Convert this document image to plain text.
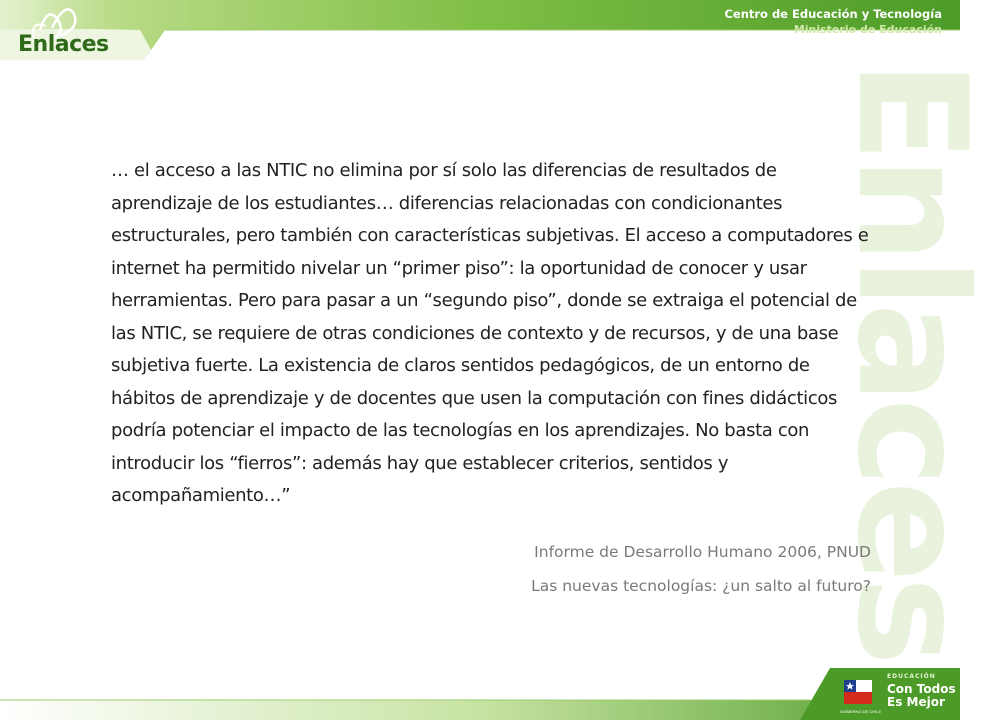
Enlaces
Centro de Educación y Tecnología
Ministerio de Educación
Enlaces
… el acceso a las NTIC no elimina por sí solo las diferencias de resultados de aprendizaje de los estudiantes… diferencias relacionadas con condicionantes estructurales, pero también con características subjetivas. El acceso a computadores e internet ha permitido nivelar un “primer piso”: la oportunidad de conocer y usar herramientas. Pero para pasar a un “segundo piso”, donde se extraiga el potencial de las NTIC, se requiere de otras condiciones de contexto y de recursos, y de una base subjetiva fuerte. La existencia de claros sentidos pedagógicos, de un entorno de hábitos de aprendizaje y de docentes que usen la computación con fines didácticos podría potenciar el impacto de las tecnologías en los aprendizajes. No basta con introducir los “fierros”: además hay que establecer criterios, sentidos y acompañamiento…”
Informe de Desarrollo Humano 2006, PNUD
Las nuevas tecnologías: ¿un salto al futuro?
GOBIERNO DE CHILE
EDUCACIÓN
Con Todos
Es Mejor
